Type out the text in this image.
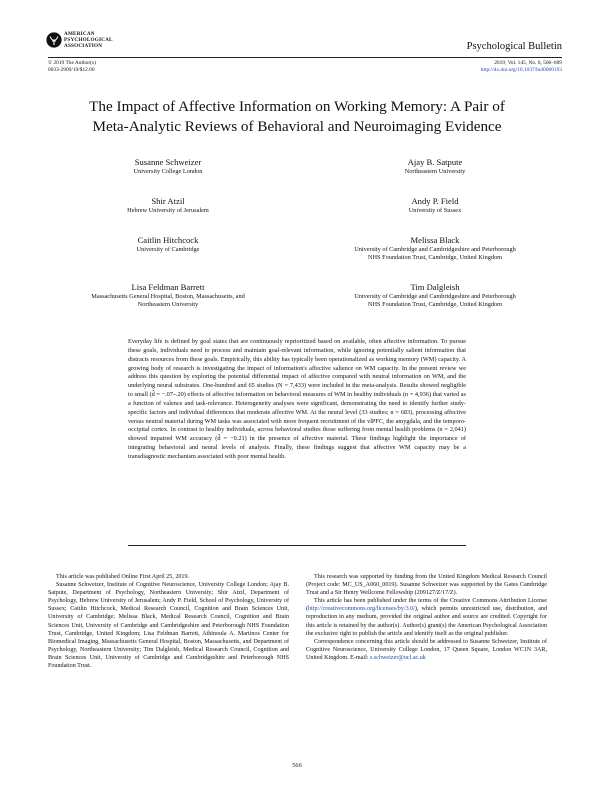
AMERICAN
PSYCHOLOGICAL
ASSOCIATION	Psychological Bulletin
© 2019 The Author(s)
0033-2909/19/$12.00
2019, Vol. 145, No. 6, 566–609
http://dx.doi.org/10.1037/bul0000193
The Impact of Affective Information on Working Memory: A Pair of
Meta-Analytic Reviews of Behavioral and Neuroimaging Evidence
Susanne Schweizer
University College London
Ajay B. Satpute
Northeastern University
Shir Atzil
Hebrew University of Jerusalem
Andy P. Field
University of Sussex
Caitlin Hitchcock
University of Cambridge
Melissa Black
University of Cambridge and Cambridgeshire and Peterborough
NHS Foundation Trust, Cambridge, United Kingdom
Lisa Feldman Barrett
Massachusetts General Hospital, Boston, Massachusetts, and
Northeastern University
Tim Dalgleish
University of Cambridge and Cambridgeshire and Peterborough
NHS Foundation Trust, Cambridge, United Kingdom
Everyday life is defined by goal states that are continuously reprioritized based on available, often affective information. To pursue these goals, individuals need to process and maintain goal-relevant information, while ignoring potentially salient information that distracts resources from these goals. Empirically, this ability has typically been operationalized as working memory (WM) capacity. A growing body of research is investigating the impact of information's affective salience on WM capacity. In the present review we address this question by exploring the potential differential impact of affective compared with neutral information on WM, and the underlying neural substrates. One-hundred and 65 studies (N = 7,433) were included in the meta-analysis. Results showed negligible to small (d̂ = −.07–.20) effects of affective information on behavioral measures of WM in healthy individuals (n = 4,936) that varied as a function of valence and task-relevance. Heterogeneity analyses were significant, demonstrating the need to identify further study-specific factors and individual differences that moderate affective WM. At the neural level (33 studies; n = 683), processing affective versus neutral material during WM tasks was associated with more frequent recruitment of the vlPFC, the amygdala, and the temporo-occipital cortex. In contrast to healthy individuals, across behavioral studies those suffering from mental health problems (n = 2,041) showed impaired WM accuracy (d̂ = −0.21) in the presence of affective material. These findings highlight the importance of integrating behavioral and neural levels of analysis. Finally, these findings suggest that affective WM capacity may be a transdiagnostic mechanism associated with poor mental health.

This article was published Online First April 25, 2019.

Susanne Schweizer, Institute of Cognitive Neuroscience, University College London; Ajay B. Satpute, Department of Psychology, Northeastern University; Shir Atzil, Department of Psychology, Hebrew University of Jerusalem; Andy P. Field, School of Psychology, University of Sussex; Caitlin Hitchcock, Medical Research Council, Cognition and Brain Sciences Unit, University of Cambridge; Melissa Black, Medical Research Council, Cognition and Brain Sciences Unit, University of Cambridge and Cambridgeshire and Peterborough NHS Foundation Trust, Cambridge, United Kingdom; Lisa Feldman Barrett, Athinoula A. Martinos Center for Biomedical Imaging, Massachusetts General Hospital, Boston, Massachusetts, and Department of Psychology, Northeastern University; Tim Dalgleish, Medical Research Council, Cognition and Brain Sciences Unit, University of Cambridge and Cambridgeshire and Peterborough NHS Foundation Trust.

This research was supported by funding from the United Kingdom Medical Research Council (Project code: MC_US_A060_0019). Susanne Schweizer was supported by the Gates Cambridge Trust and a Sir Henry Wellcome Fellowship (209127/Z/17/Z).

This article has been published under the terms of the Creative Commons Attribution License (http://creativecommons.org/licenses/by/3.0/), which permits unrestricted use, distribution, and reproduction in any medium, provided the original author and source are credited. Copyright for this article is retained by the author(s). Author(s) grant(s) the American Psychological Association the exclusive right to publish the article and identify itself as the original publisher.

Correspondence concerning this article should be addressed to Susanne Schweizer, Institute of Cognitive Neuroscience, University College London, 17 Queen Square, London WC1N 3AR, United Kingdom. E-mail: s.schweizer@ucl.ac.uk

566
